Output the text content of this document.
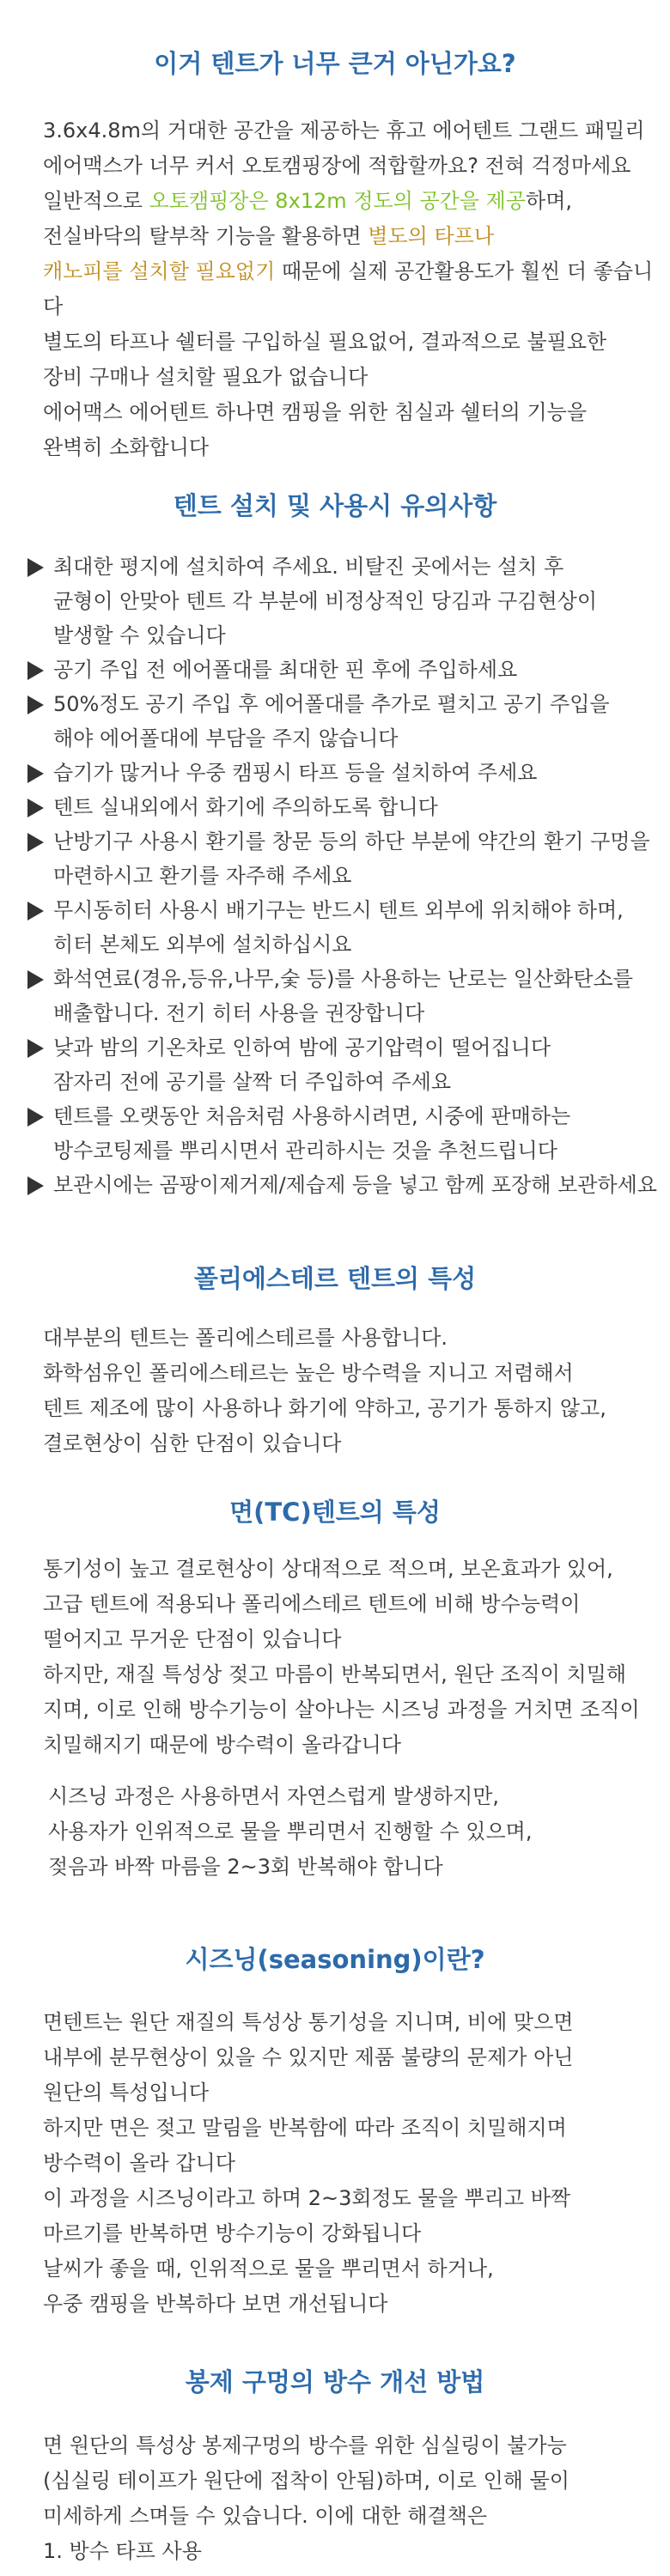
이거 텐트가 너무 큰거 아닌가요?
3.6x4.8m의 거대한 공간을 제공하는 휴고 에어텐트 그랜드 패밀리
에어맥스가 너무 커서 오토캠핑장에 적합할까요? 전혀 걱정마세요
일반적으로 오토캠핑장은 8x12m 정도의 공간을 제공하며,
전실바닥의 탈부착 기능을 활용하면 별도의 타프나
캐노피를 설치할 필요없기 때문에 실제 공간활용도가 훨씬 더 좋습니다
별도의 타프나 쉘터를 구입하실 필요없어, 결과적으로 불필요한
장비 구매나 설치할 필요가 없습니다
에어맥스 에어텐트 하나면 캠핑을 위한 침실과 쉘터의 기능을
완벽히 소화합니다
텐트 설치 및 사용시 유의사항
최대한 평지에 설치하여 주세요. 비탈진 곳에서는 설치 후
균형이 안맞아 텐트 각 부분에 비정상적인 당김과 구김현상이
발생할 수 있습니다
공기 주입 전 에어폴대를 최대한 핀 후에 주입하세요
50%정도 공기 주입 후 에어폴대를 추가로 펼치고 공기 주입을
해야 에어폴대에 부담을 주지 않습니다
습기가 많거나 우중 캠핑시 타프 등을 설치하여 주세요
텐트 실내외에서 화기에 주의하도록 합니다
난방기구 사용시 환기를 창문 등의 하단 부분에 약간의 환기 구멍을
마련하시고 환기를 자주해 주세요
무시동히터 사용시 배기구는 반드시 텐트 외부에 위치해야 하며,
히터 본체도 외부에 설치하십시요
화석연료(경유,등유,나무,숯 등)를 사용하는 난로는 일산화탄소를
배출합니다. 전기 히터 사용을 권장합니다
낮과 밤의 기온차로 인하여 밤에 공기압력이 떨어집니다
잠자리 전에 공기를 살짝 더 주입하여 주세요
텐트를 오랫동안 처음처럼 사용하시려면, 시중에 판매하는
방수코팅제를 뿌리시면서 관리하시는 것을 추천드립니다
보관시에는 곰팡이제거제/제습제 등을 넣고 함께 포장해 보관하세요
폴리에스테르 텐트의 특성
대부분의 텐트는 폴리에스테르를 사용합니다.
화학섬유인 폴리에스테르는 높은 방수력을 지니고 저렴해서
텐트 제조에 많이 사용하나 화기에 약하고, 공기가 통하지 않고,
결로현상이 심한 단점이 있습니다
면(TC)텐트의 특성
통기성이 높고 결로현상이 상대적으로 적으며, 보온효과가 있어,
고급 텐트에 적용되나 폴리에스테르 텐트에 비해 방수능력이
떨어지고 무거운 단점이 있습니다
하지만, 재질 특성상 젖고 마름이 반복되면서, 원단 조직이 치밀해
지며, 이로 인해 방수기능이 살아나는 시즈닝 과정을 거치면 조직이
치밀해지기 때문에 방수력이 올라갑니다
시즈닝 과정은 사용하면서 자연스럽게 발생하지만,
사용자가 인위적으로 물을 뿌리면서 진행할 수 있으며,
젖음과 바짝 마름을 2~3회 반복해야 합니다
시즈닝(seasoning)이란?
면텐트는 원단 재질의 특성상 통기성을 지니며, 비에 맞으면
내부에 분무현상이 있을 수 있지만 제품 불량의 문제가 아닌
원단의 특성입니다
하지만 면은 젖고 말림을 반복함에 따라 조직이 치밀해지며
방수력이 올라 갑니다
이 과정을 시즈닝이라고 하며 2~3회정도 물을 뿌리고 바짝
마르기를 반복하면 방수기능이 강화됩니다
날씨가 좋을 때, 인위적으로 물을 뿌리면서 하거나,
우중 캠핑을 반복하다 보면 개선됩니다
봉제 구멍의 방수 개선 방법
면 원단의 특성상 봉제구멍의 방수를 위한 심실링이 불가능
(심실링 테이프가 원단에 접착이 안됨)하며, 이로 인해 물이
미세하게 스며들 수 있습니다. 이에 대한 해결책은
1. 방수 타프 사용
